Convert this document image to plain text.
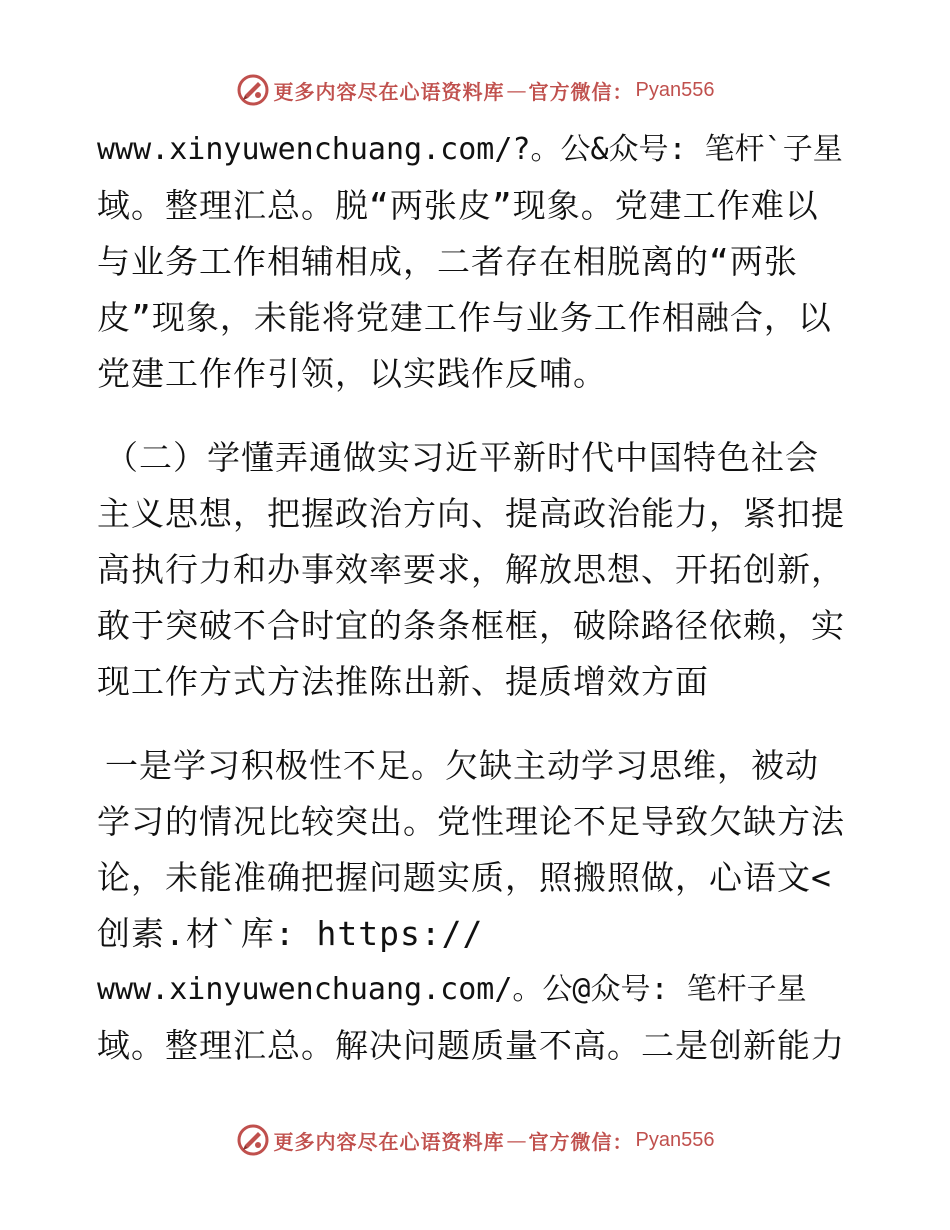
更多内容尽在心语资料库 — 官方微信： Pyan556
www.xinyuwenchuang.com/?。公&众号: 笔杆`子星
域。整理汇总。脱“两张皮”现象。党建工作难以
与业务工作相辅相成，二者存在相脱离的“两张
皮”现象，未能将党建工作与业务工作相融合，以
党建工作作引领，以实践作反哺。
（二）学懂弄通做实习近平新时代中国特色社会
主义思想，把握政治方向、提高政治能力，紧扣提
高执行力和办事效率要求，解放思想、开拓创新，
敢于突破不合时宜的条条框框，破除路径依赖，实
现工作方式方法推陈出新、提质增效方面
一是学习积极性不足。欠缺主动学习思维，被动
学习的情况比较突出。党性理论不足导致欠缺方法
论，未能准确把握问题实质，照搬照做，心语文<
创素.材`库: https://
www.xinyuwenchuang.com/。公@众号: 笔杆子星
域。整理汇总。解决问题质量不高。二是创新能力
更多内容尽在心语资料库 — 官方微信： Pyan556
